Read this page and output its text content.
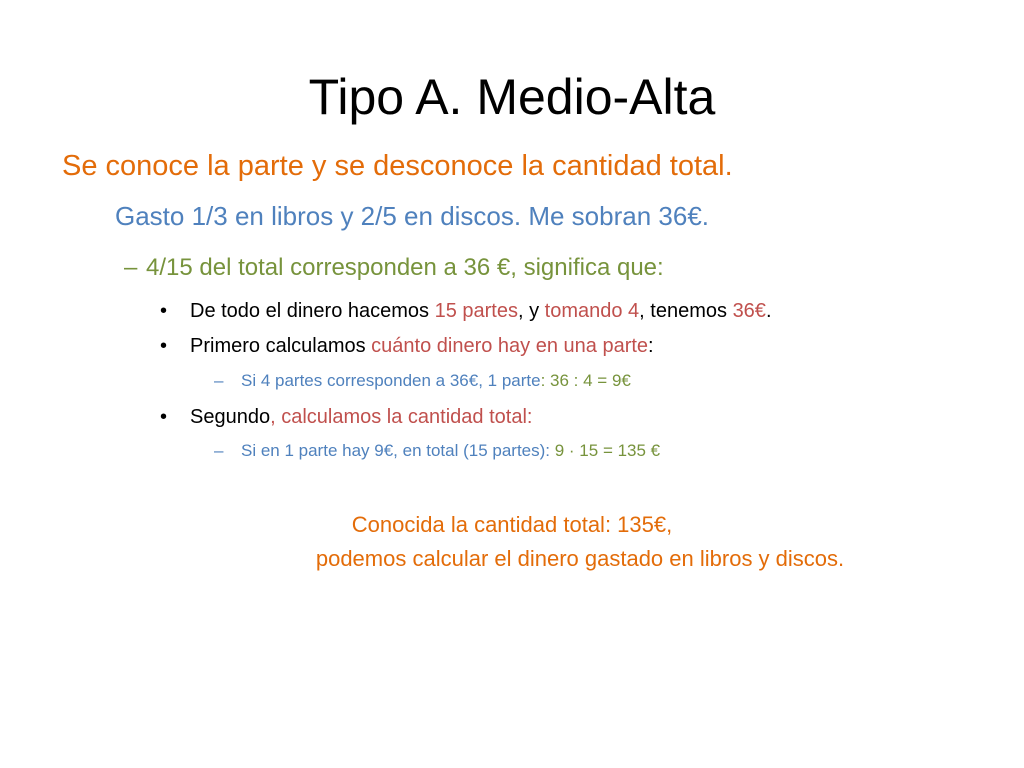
Tipo A. Medio-Alta
Se conoce la parte y se desconoce la cantidad total.
Gasto 1/3 en libros y 2/5 en discos. Me sobran 36€.
– 4/15 del total corresponden a 36 €, significa que:
• De todo el dinero hacemos 15 partes, y tomando 4, tenemos 36€.
• Primero calculamos cuánto dinero hay en una parte:
– Si 4 partes corresponden a 36€, 1 parte: 36 : 4 = 9€
• Segundo, calculamos la cantidad total:
– Si en 1 parte hay 9€, en total (15 partes): 9 · 15 = 135 €
Conocida la cantidad total: 135€,
podemos calcular el dinero gastado en libros y discos.
